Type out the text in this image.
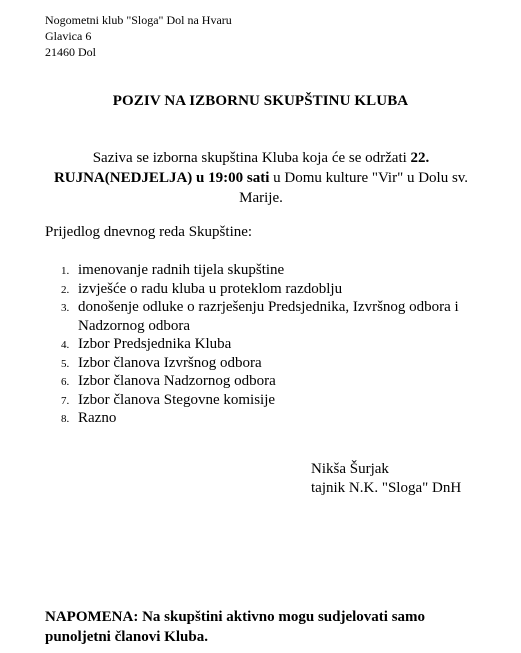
Nogometni klub "Sloga" Dol na Hvaru
Glavica 6
21460 Dol
POZIV NA IZBORNU SKUPŠTINU KLUBA
Saziva se izborna skupština Kluba koja će se održati 22. RUJNA(NEDJELJA) u 19:00 sati u Domu kulture "Vir" u Dolu sv. Marije.
Prijedlog dnevnog reda Skupštine:
1. imenovanje radnih tijela skupštine
2. izvješće o radu kluba u proteklom razdoblju
3. donošenje odluke o razrješenju Predsjednika, Izvršnog odbora i Nadzornog odbora
4. Izbor Predsjednika Kluba
5. Izbor članova Izvršnog odbora
6. Izbor članova Nadzornog odbora
7. Izbor članova Stegovne komisije
8. Razno
Nikša Šurjak
tajnik N.K. "Sloga" DnH
NAPOMENA: Na skupštini aktivno mogu sudjelovati samo punoljetni članovi Kluba.
